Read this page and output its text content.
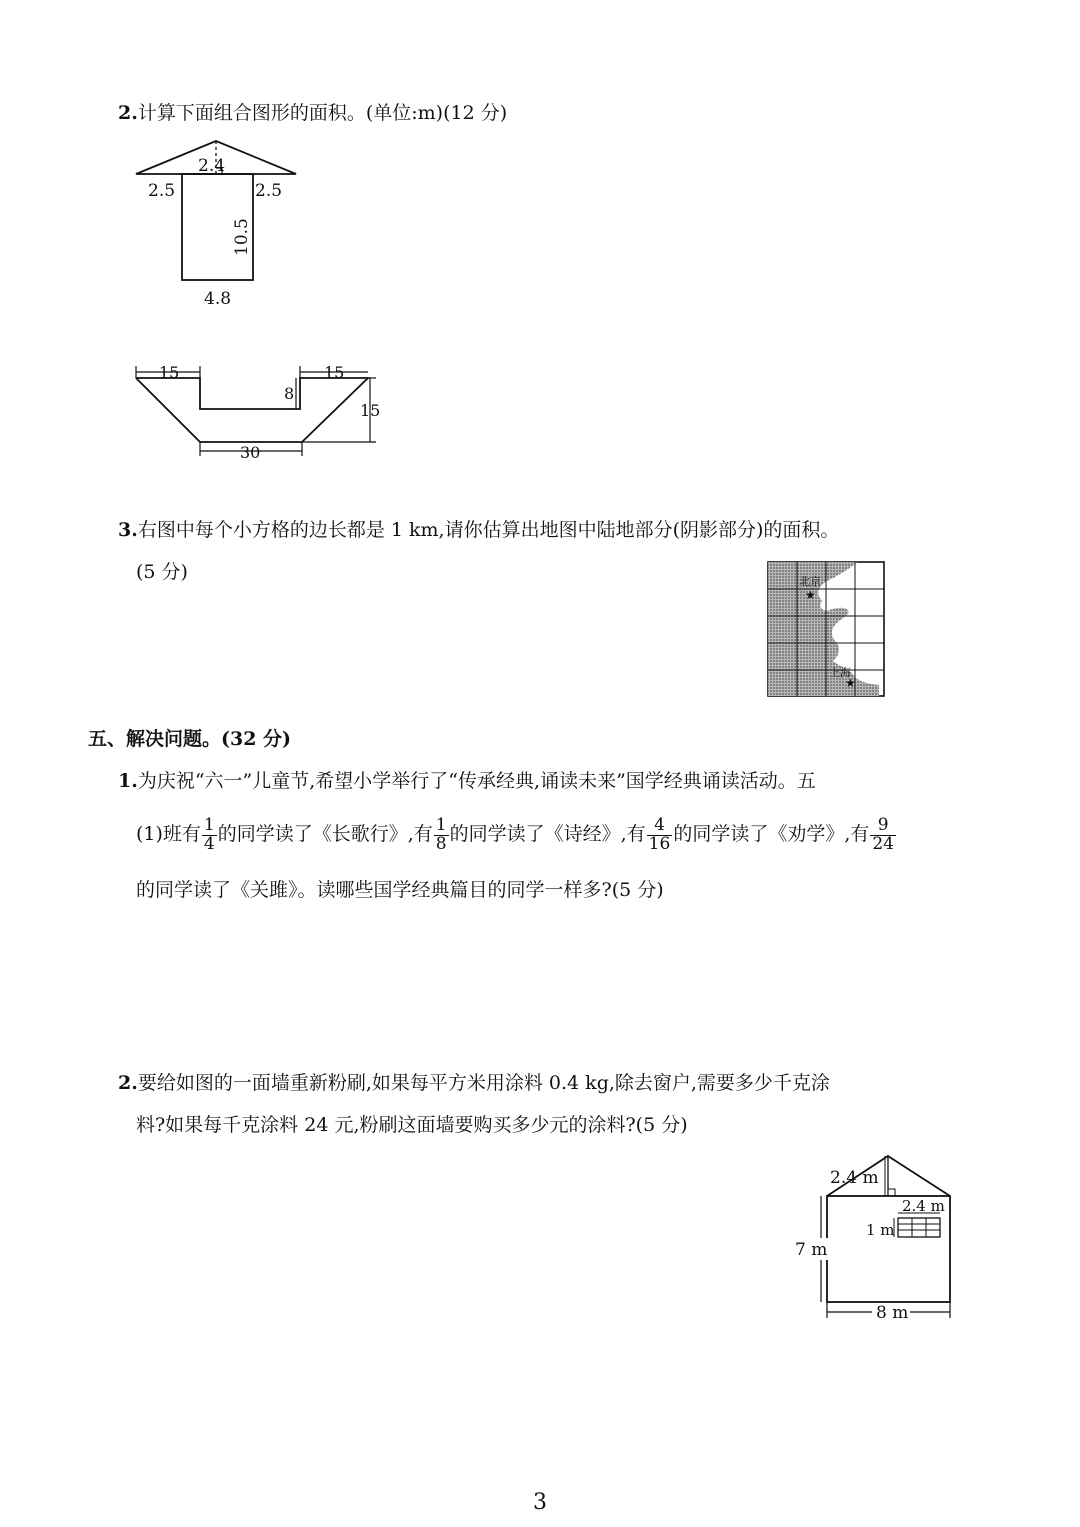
2.计算下面组合图形的面积。(单位:m)(12 分)
2.4
2.5	2.5
10.5
4.8
15	15
8
15
30
3.右图中每个小方格的边长都是 1 km,请你估算出地图中陆地部分(阴影部分)的面积。
(5 分)	北京
★
上海
★
五、解决问题。(32 分)
1.为庆祝“六一”儿童节,希望小学举行了“传承经典,诵读未来”国学经典诵读活动。五
(1)班有 $\frac{1}{4}$ 的同学读了《长歌行》,有 $\frac{1}{8}$ 的同学读了《诗经》,有 $\frac{4}{16}$ 的同学读了《劝学》,有 $\frac{9}{24}$
的同学读了《关雎》。读哪些国学经典篇目的同学一样多?(5 分)
2.要给如图的一面墙重新粉刷,如果每平方米用涂料 0.4 kg,除去窗户,需要多少千克涂
料?如果每千克涂料 24 元,粉刷这面墙要购买多少元的涂料?(5 分)
2.4 m
2.4 m
1 m
7 m
8 m
3
